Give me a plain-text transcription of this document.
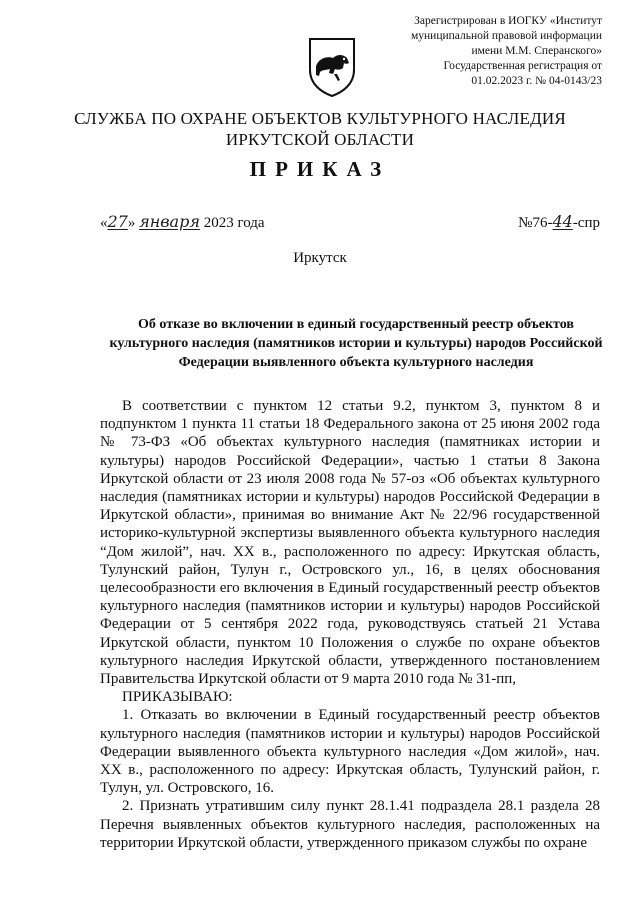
Зарегистрирован в ИОГКУ «Институт
муниципальной правовой информации
имени М.М. Сперанского»
Государственная регистрация от
01.02.2023 г. № 04-0143/23
СЛУЖБА ПО ОХРАНЕ ОБЪЕКТОВ КУЛЬТУРНОГО НАСЛЕДИЯ
ИРКУТСКОЙ ОБЛАСТИ
ПРИКАЗ
«27» января 2023 года	№76-44-спр
Иркутск
Об отказе во включении в единый государственный реестр объектов культурного наследия (памятников истории и культуры) народов Российской Федерации выявленного объекта культурного наследия

В соответствии с пунктом 12 статьи 9.2, пунктом 3, пунктом 8 и подпунктом 1 пункта 11 статьи 18 Федерального закона от 25 июня 2002 года № 73-ФЗ «Об объектах культурного наследия (памятниках истории и культуры) народов Российской Федерации», частью 1 статьи 8 Закона Иркутской области от 23 июля 2008 года № 57-оз «Об объектах культурного наследия (памятниках истории и культуры) народов Российской Федерации в Иркутской области», принимая во внимание Акт № 22/96 государственной историко-культурной экспертизы выявленного объекта культурного наследия “Дом жилой”, нач. XX в., расположенного по адресу: Иркутская область, Тулунский район, Тулун г., Островского ул., 16, в целях обоснования целесообразности его включения в Единый государственный реестр объектов культурного наследия (памятников истории и культуры) народов Российской Федерации от 5 сентября 2022 года, руководствуясь статьей 21 Устава Иркутской области, пунктом 10 Положения о службе по охране объектов культурного наследия Иркутской области, утвержденного постановлением Правительства Иркутской области от 9 марта 2010 года № 31-пп,

ПРИКАЗЫВАЮ:

1. Отказать во включении в Единый государственный реестр объектов культурного наследия (памятников истории и культуры) народов Российской Федерации выявленного объекта культурного наследия «Дом жилой», нач. XX в., расположенного по адресу: Иркутская область, Тулунский район, г. Тулун, ул. Островского, 16.

2. Признать утратившим силу пункт 28.1.41 подраздела 28.1 раздела 28 Перечня выявленных объектов культурного наследия, расположенных на территории Иркутской области, утвержденного приказом службы по охране
